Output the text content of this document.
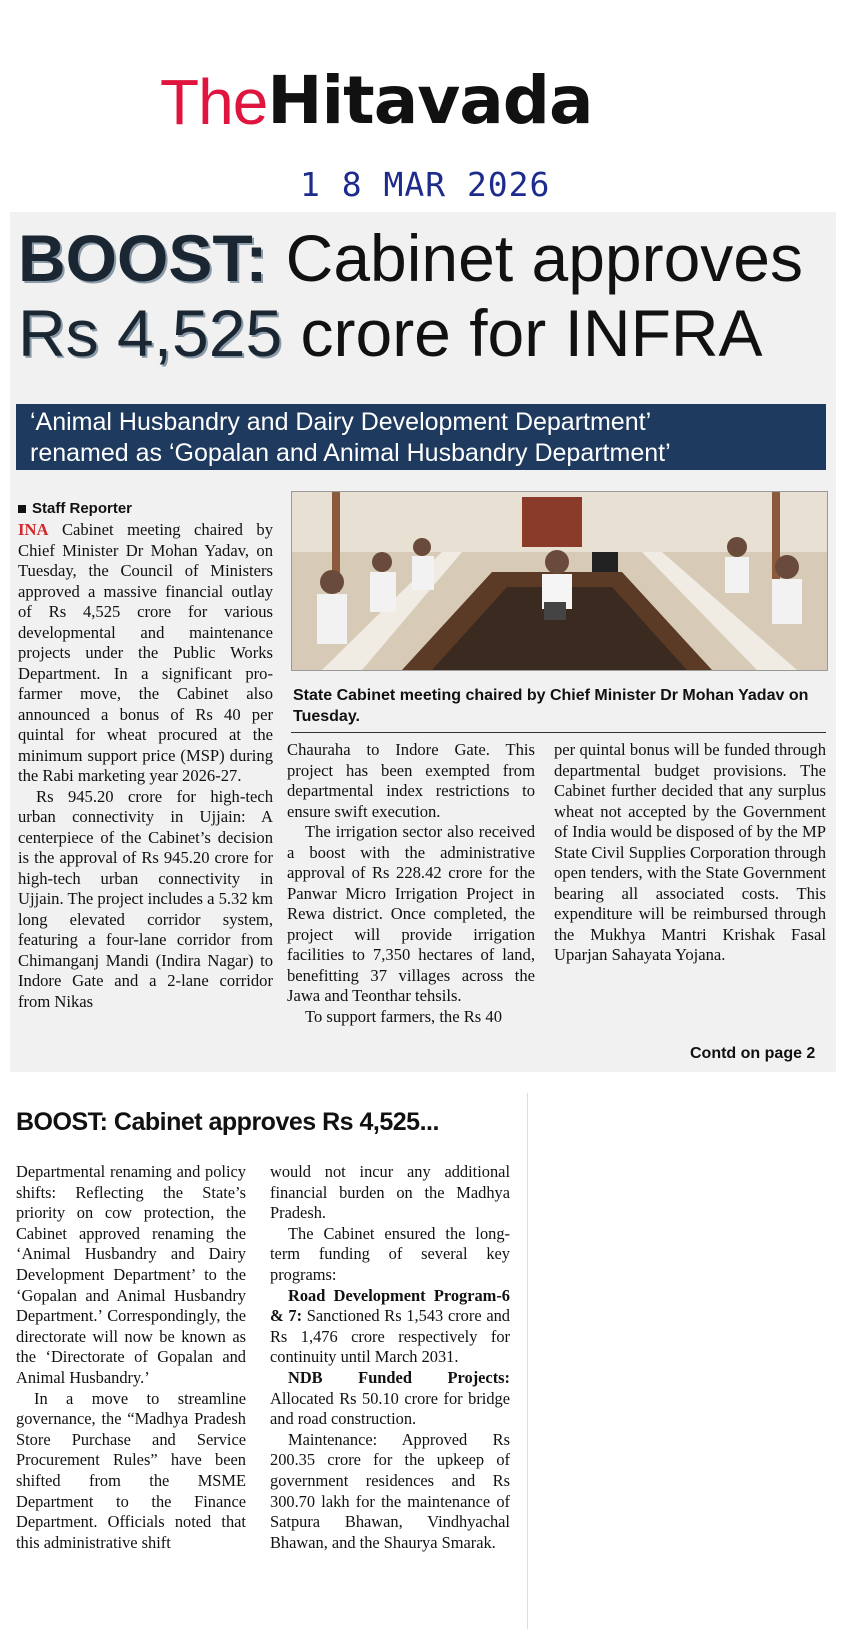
TheHitavada
1 8 MAR 2026
BOOST: Cabinet approves
Rs 4,525 crore for INFRA
‘Animal Husbandry and Dairy Development Department’
renamed as ‘Gopalan and Animal Husbandry Department’
Staff Reporter
State Cabinet meeting chaired by Chief Minister Dr Mohan Yadav on Tuesday.

INA Cabinet meeting chaired by Chief Minister Dr Mohan Yadav, on Tuesday, the Council of Ministers approved a massive financial outlay of Rs 4,525 crore for various developmental and maintenance projects under the Public Works Department. In a significant pro-farmer move, the Cabinet also announced a bonus of Rs 40 per quintal for wheat procured at the minimum support price (MSP) during the Rabi marketing year 2026-27.

Rs 945.20 crore for high-tech urban connectivity in Ujjain: A centerpiece of the Cabinet’s decision is the approval of Rs 945.20 crore for high-tech urban connectivity in Ujjain. The project includes a 5.32 km long elevated corridor system, featuring a four-lane corridor from Chimanganj Mandi (Indira Nagar) to Indore Gate and a 2-lane corridor from Nikas

Chauraha to Indore Gate. This project has been exempted from departmental index restrictions to ensure swift execution.

The irrigation sector also received a boost with the administrative approval of Rs 228.42 crore for the Panwar Micro Irrigation Project in Rewa district. Once completed, the project will provide irrigation facilities to 7,350 hectares of land, benefitting 37 villages across the Jawa and Teonthar tehsils.

To support farmers, the Rs 40

per quintal bonus will be funded through departmental budget provisions. The Cabinet further decided that any surplus wheat not accepted by the Government of India would be disposed of by the MP State Civil Supplies Corporation through open tenders, with the State Government bearing all associated costs. This expenditure will be reimbursed through the Mukhya Mantri Krishak Fasal Uparjan Sahayata Yojana.

Contd on page 2
BOOST: Cabinet approves Rs 4,525...

Departmental renaming and policy shifts: Reflecting the State’s priority on cow protection, the Cabinet approved renaming the ‘Animal Husbandry and Dairy Development Department’ to the ‘Gopalan and Animal Husbandry Department.’ Correspondingly, the directorate will now be known as the ‘Directorate of Gopalan and Animal Husbandry.’

In a move to streamline governance, the “Madhya Pradesh Store Purchase and Service Procurement Rules” have been shifted from the MSME Department to the Finance Department. Officials noted that this administrative shift

would not incur any additional financial burden on the Madhya Pradesh.

The Cabinet ensured the long-term funding of several key programs:

Road Development Program-6 & 7: Sanctioned Rs 1,543 crore and Rs 1,476 crore respectively for continuity until March 2031.

NDB Funded Projects: Allocated Rs 50.10 crore for bridge and road construction.

Maintenance: Approved Rs 200.35 crore for the upkeep of government residences and Rs 300.70 lakh for the maintenance of Satpura Bhawan, Vindhyachal Bhawan, and the Shaurya Smarak.
